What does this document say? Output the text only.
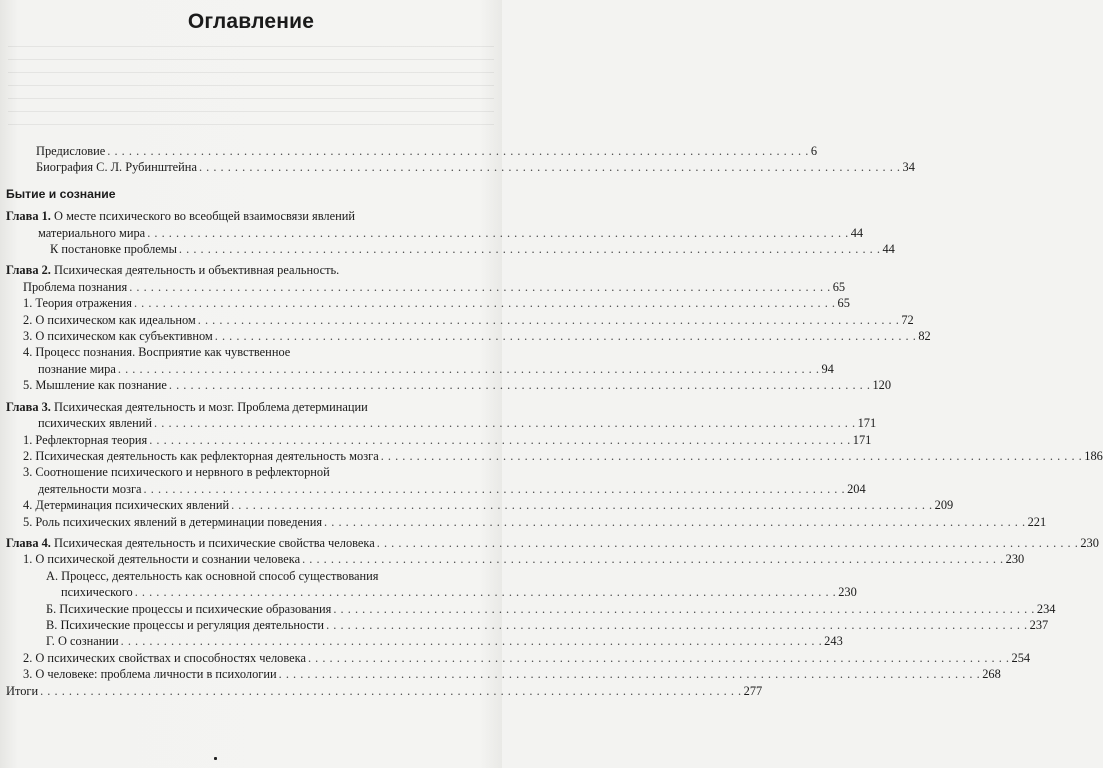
Оглавление
Предисловие . . .	6
Биография С. Л. Рубинштейна . . .	34
Бытие и сознание
Глава 1. О месте психического во всеобщей взаимосвязи явлений
материального мира . . .	44
К постановке проблемы . . .	44
Глава 2. Психическая деятельность и объективная реальность.
Проблема познания . . .	65
1. Теория отражения . . .	65
2. О психическом как идеальном . . .	72
3. О психическом как субъективном . . .	82
4. Процесс познания. Восприятие как чувственное
познание мира . . .	94
5. Мышление как познание . . .	120
Глава 3. Психическая деятельность и мозг. Проблема детерминации
психических явлений . . .	171
1. Рефлекторная теория . . .	171
2. Психическая деятельность как рефлекторная деятельность мозга . . .	186
3. Соотношение психического и нервного в рефлекторной
деятельности мозга . . .	204
4. Детерминация психических явлений . . .	209
5. Роль психических явлений в детерминации поведения . . .	221
Глава 4. Психическая деятельность и психические свойства человека . . .	230
1. О психической деятельности и сознании человека . . .	230
А. Процесс, деятельность как основной способ существования
психического . . .	230
Б. Психические процессы и психические образования . . .	234
В. Психические процессы и регуляция деятельности . . .	237
Г. О сознании . . .	243
2. О психических свойствах и способностях человека . . .	254
3. О человеке: проблема личности в психологии . . .	268
Итоги . . .	277
